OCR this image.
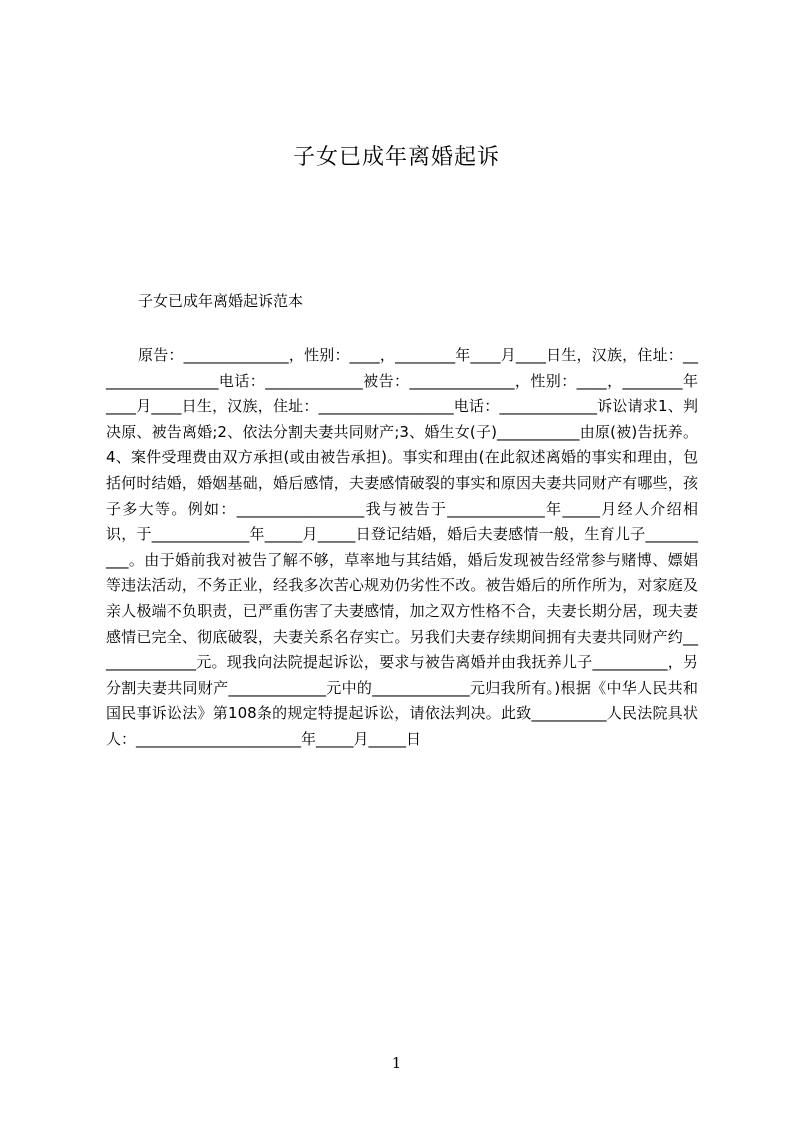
子女已成年离婚起诉
子女已成年离婚起诉范本
原告：______________，性别：____，________年____月____日生，汉族，住址：_________________电话：_____________被告：______________，性别：____，________年____月____日生，汉族，住址：__________________电话：_____________诉讼请求1、判决原、被告离婚;2、依法分割夫妻共同财产;3、婚生女(子)___________由原(被)告抚养。4、案件受理费由双方承担(或由被告承担)。事实和理由(在此叙述离婚的事实和理由，包括何时结婚，婚姻基础，婚后感情，夫妻感情破裂的事实和原因夫妻共同财产有哪些，孩子多大等。例如：_________________我与被告于_____________年_____月经人介绍相识，于_____________年_____月_____日登记结婚，婚后夫妻感情一般，生育儿子__________。由于婚前我对被告了解不够，草率地与其结婚，婚后发现被告经常参与赌博、嫖娼等违法活动，不务正业，经我多次苦心规劝仍劣性不改。被告婚后的所作所为，对家庭及亲人极端不负职责，已严重伤害了夫妻感情，加之双方性格不合，夫妻长期分居，现夫妻感情已完全、彻底破裂，夫妻关系名存实亡。另我们夫妻存续期间拥有夫妻共同财产约______________元。现我向法院提起诉讼，要求与被告离婚并由我抚养儿子__________，另分割夫妻共同财产_____________元中的_____________元归我所有。)根据《中华人民共和国民事诉讼法》第108条的规定特提起诉讼，请依法判决。此致__________人民法院具状人：______________________年_____月_____日
1
